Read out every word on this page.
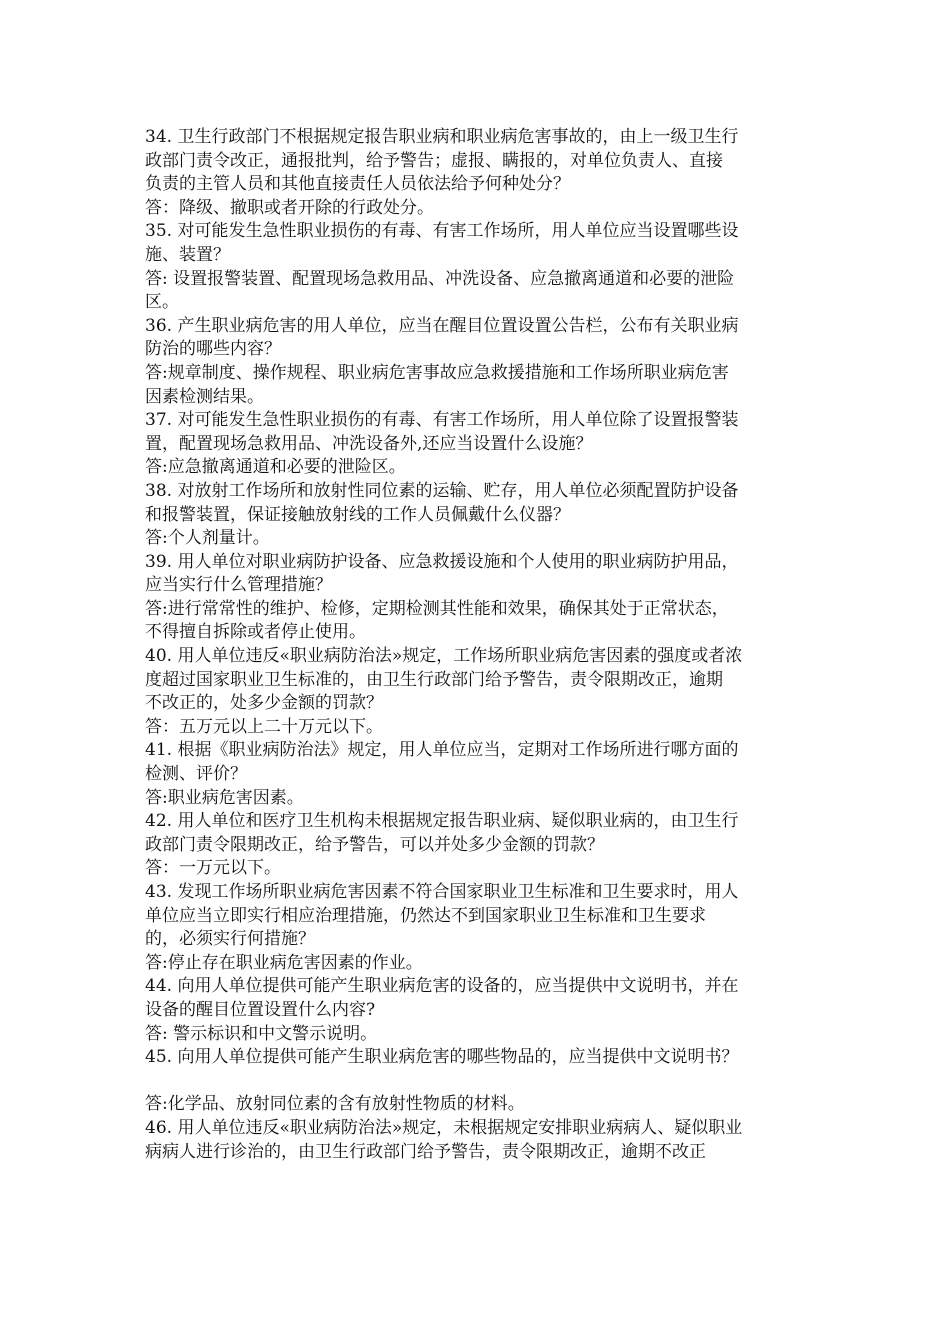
34. 卫生行政部门不根据规定报告职业病和职业病危害事故的，由上一级卫生行
政部门责令改正，通报批判，给予警告；虚报、瞒报的，对单位负责人、直接
负责的主管人员和其他直接责任人员依法给予何种处分？
答：降级、撤职或者开除的行政处分。
35. 对可能发生急性职业损伤的有毒、有害工作场所，用人单位应当设置哪些设
施、装置？
答: 设置报警装置、配置现场急救用品、冲洗设备、应急撤离通道和必要的泄险
区。
36. 产生职业病危害的用人单位，应当在醒目位置设置公告栏，公布有关职业病
防治的哪些内容？
答:规章制度、操作规程、职业病危害事故应急救援措施和工作场所职业病危害
因素检测结果。
37. 对可能发生急性职业损伤的有毒、有害工作场所，用人单位除了设置报警装
置，配置现场急救用品、冲洗设备外,还应当设置什么设施？
答:应急撤离通道和必要的泄险区。
38. 对放射工作场所和放射性同位素的运输、贮存，用人单位必须配置防护设备
和报警装置，保证接触放射线的工作人员佩戴什么仪器？
答:个人剂量计。
39. 用人单位对职业病防护设备、应急救援设施和个人使用的职业病防护用品，
应当实行什么管理措施？
答:进行常常性的维护、检修，定期检测其性能和效果，确保其处于正常状态，
不得擅自拆除或者停止使用。
40. 用人单位违反«职业病防治法»规定，工作场所职业病危害因素的强度或者浓
度超过国家职业卫生标准的，由卫生行政部门给予警告，责令限期改正，逾期
不改正的，处多少金额的罚款？
答：五万元以上二十万元以下。
41. 根据《职业病防治法》规定，用人单位应当，定期对工作场所进行哪方面的
检测、评价？
答:职业病危害因素。
42. 用人单位和医疗卫生机构未根据规定报告职业病、疑似职业病的，由卫生行
政部门责令限期改正，给予警告，可以并处多少金额的罚款？
答：一万元以下。
43. 发现工作场所职业病危害因素不符合国家职业卫生标准和卫生要求时，用人
单位应当立即实行相应治理措施，仍然达不到国家职业卫生标准和卫生要求
的，必须实行何措施？
答:停止存在职业病危害因素的作业。
44. 向用人单位提供可能产生职业病危害的设备的，应当提供中文说明书，并在
设备的醒目位置设置什么内容?
答: 警示标识和中文警示说明。
45. 向用人单位提供可能产生职业病危害的哪些物品的，应当提供中文说明书？
答:化学品、放射同位素的含有放射性物质的材料。
46. 用人单位违反«职业病防治法»规定，未根据规定安排职业病病人、疑似职业
病病人进行诊治的，由卫生行政部门给予警告，责令限期改正，逾期不改正
